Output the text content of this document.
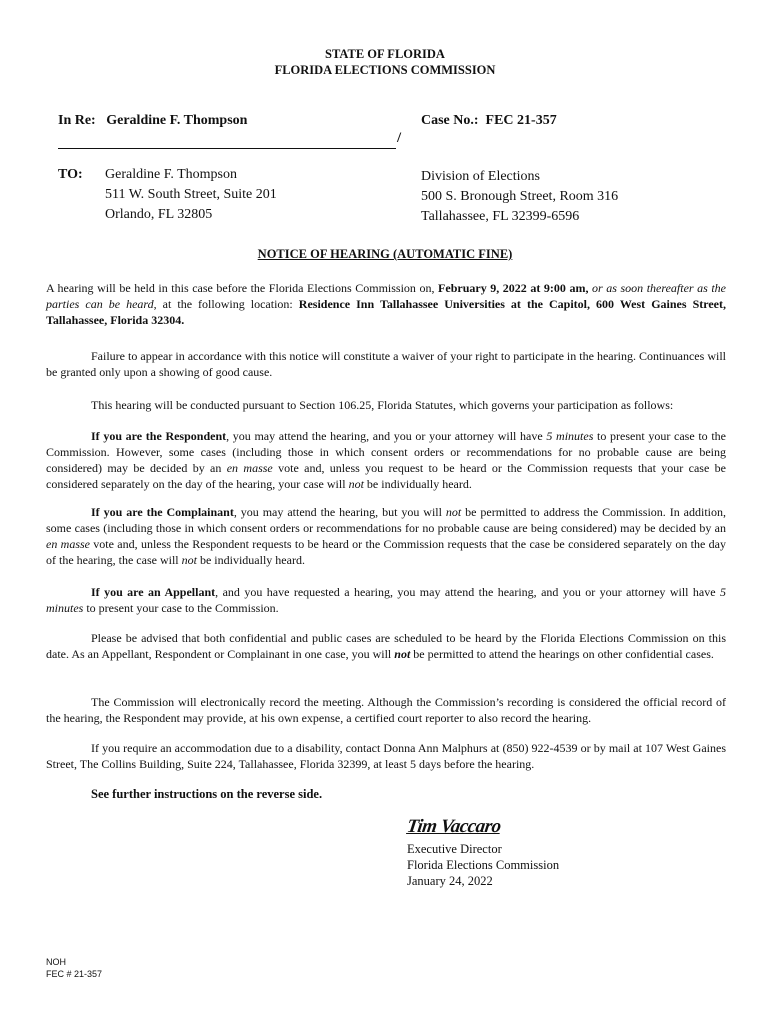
STATE OF FLORIDA
FLORIDA ELECTIONS COMMISSION
In Re: Geraldine F. Thompson	Case No.: FEC 21-357
/
TO: Geraldine F. Thompson
511 W. South Street, Suite 201
Orlando, FL 32805
Division of Elections
500 S. Bronough Street, Room 316
Tallahassee, FL 32399-6596
NOTICE OF HEARING (AUTOMATIC FINE)
A hearing will be held in this case before the Florida Elections Commission on, February 9, 2022 at 9:00 am, or as soon thereafter as the parties can be heard, at the following location: Residence Inn Tallahassee Universities at the Capitol, 600 West Gaines Street, Tallahassee, Florida 32304.
Failure to appear in accordance with this notice will constitute a waiver of your right to participate in the hearing. Continuances will be granted only upon a showing of good cause.
This hearing will be conducted pursuant to Section 106.25, Florida Statutes, which governs your participation as follows:
If you are the Respondent, you may attend the hearing, and you or your attorney will have 5 minutes to present your case to the Commission. However, some cases (including those in which consent orders or recommendations for no probable cause are being considered) may be decided by an en masse vote and, unless you request to be heard or the Commission requests that your case be considered separately on the day of the hearing, your case will not be individually heard.
If you are the Complainant, you may attend the hearing, but you will not be permitted to address the Commission. In addition, some cases (including those in which consent orders or recommendations for no probable cause are being considered) may be decided by an en masse vote and, unless the Respondent requests to be heard or the Commission requests that the case be considered separately on the day of the hearing, the case will not be individually heard.
If you are an Appellant, and you have requested a hearing, you may attend the hearing, and you or your attorney will have 5 minutes to present your case to the Commission.
Please be advised that both confidential and public cases are scheduled to be heard by the Florida Elections Commission on this date. As an Appellant, Respondent or Complainant in one case, you will not be permitted to attend the hearings on other confidential cases.
The Commission will electronically record the meeting. Although the Commission’s recording is considered the official record of the hearing, the Respondent may provide, at his own expense, a certified court reporter to also record the hearing.
If you require an accommodation due to a disability, contact Donna Ann Malphurs at (850) 922-4539 or by mail at 107 West Gaines Street, The Collins Building, Suite 224, Tallahassee, Florida 32399, at least 5 days before the hearing.
See further instructions on the reverse side.
Tim Vaccaro
Executive Director
Florida Elections Commission
January 24, 2022
NOH
FEC # 21-357
